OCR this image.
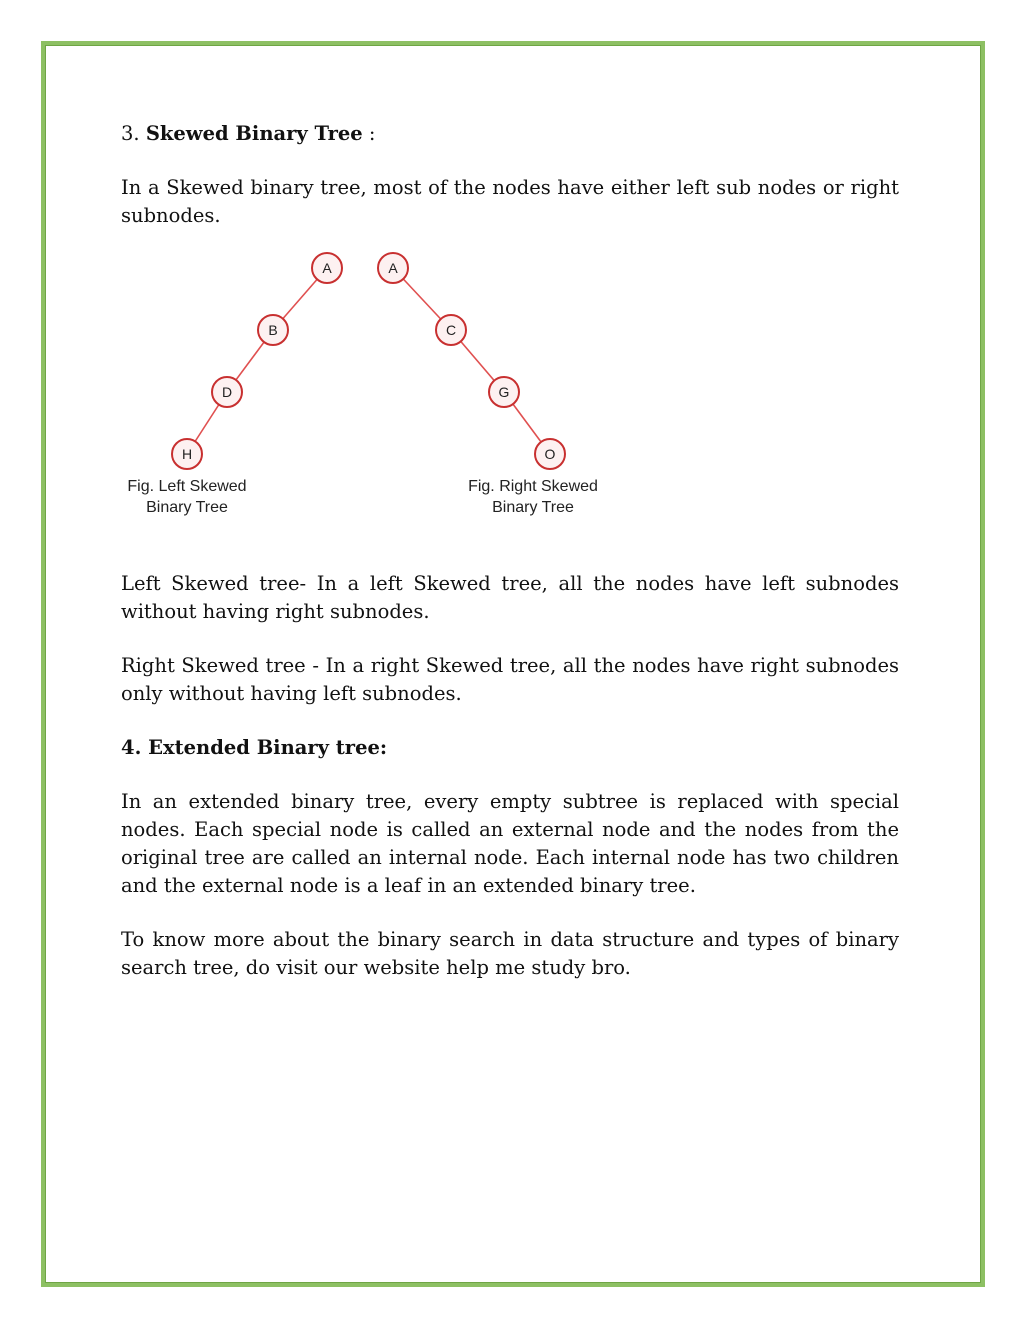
3. Skewed Binary Tree :

In a Skewed binary tree, most of the nodes have either left sub nodes or right subnodes.

A
B
D
H
A
C
G
O
Fig. Left Skewed
Binary Tree
Fig. Right Skewed
Binary Tree

Left Skewed tree- In a left Skewed tree, all the nodes have left subnodes without having right subnodes.

Right Skewed tree - In a right Skewed tree, all the nodes have right subnodes only without having left subnodes.

4. Extended Binary tree:

In an extended binary tree, every empty subtree is replaced with special nodes. Each special node is called an external node and the nodes from the original tree are called an internal node. Each internal node has two children and the external node is a leaf in an extended binary tree.

To know more about the binary search in data structure and types of binary search tree, do visit our website help me study bro.
